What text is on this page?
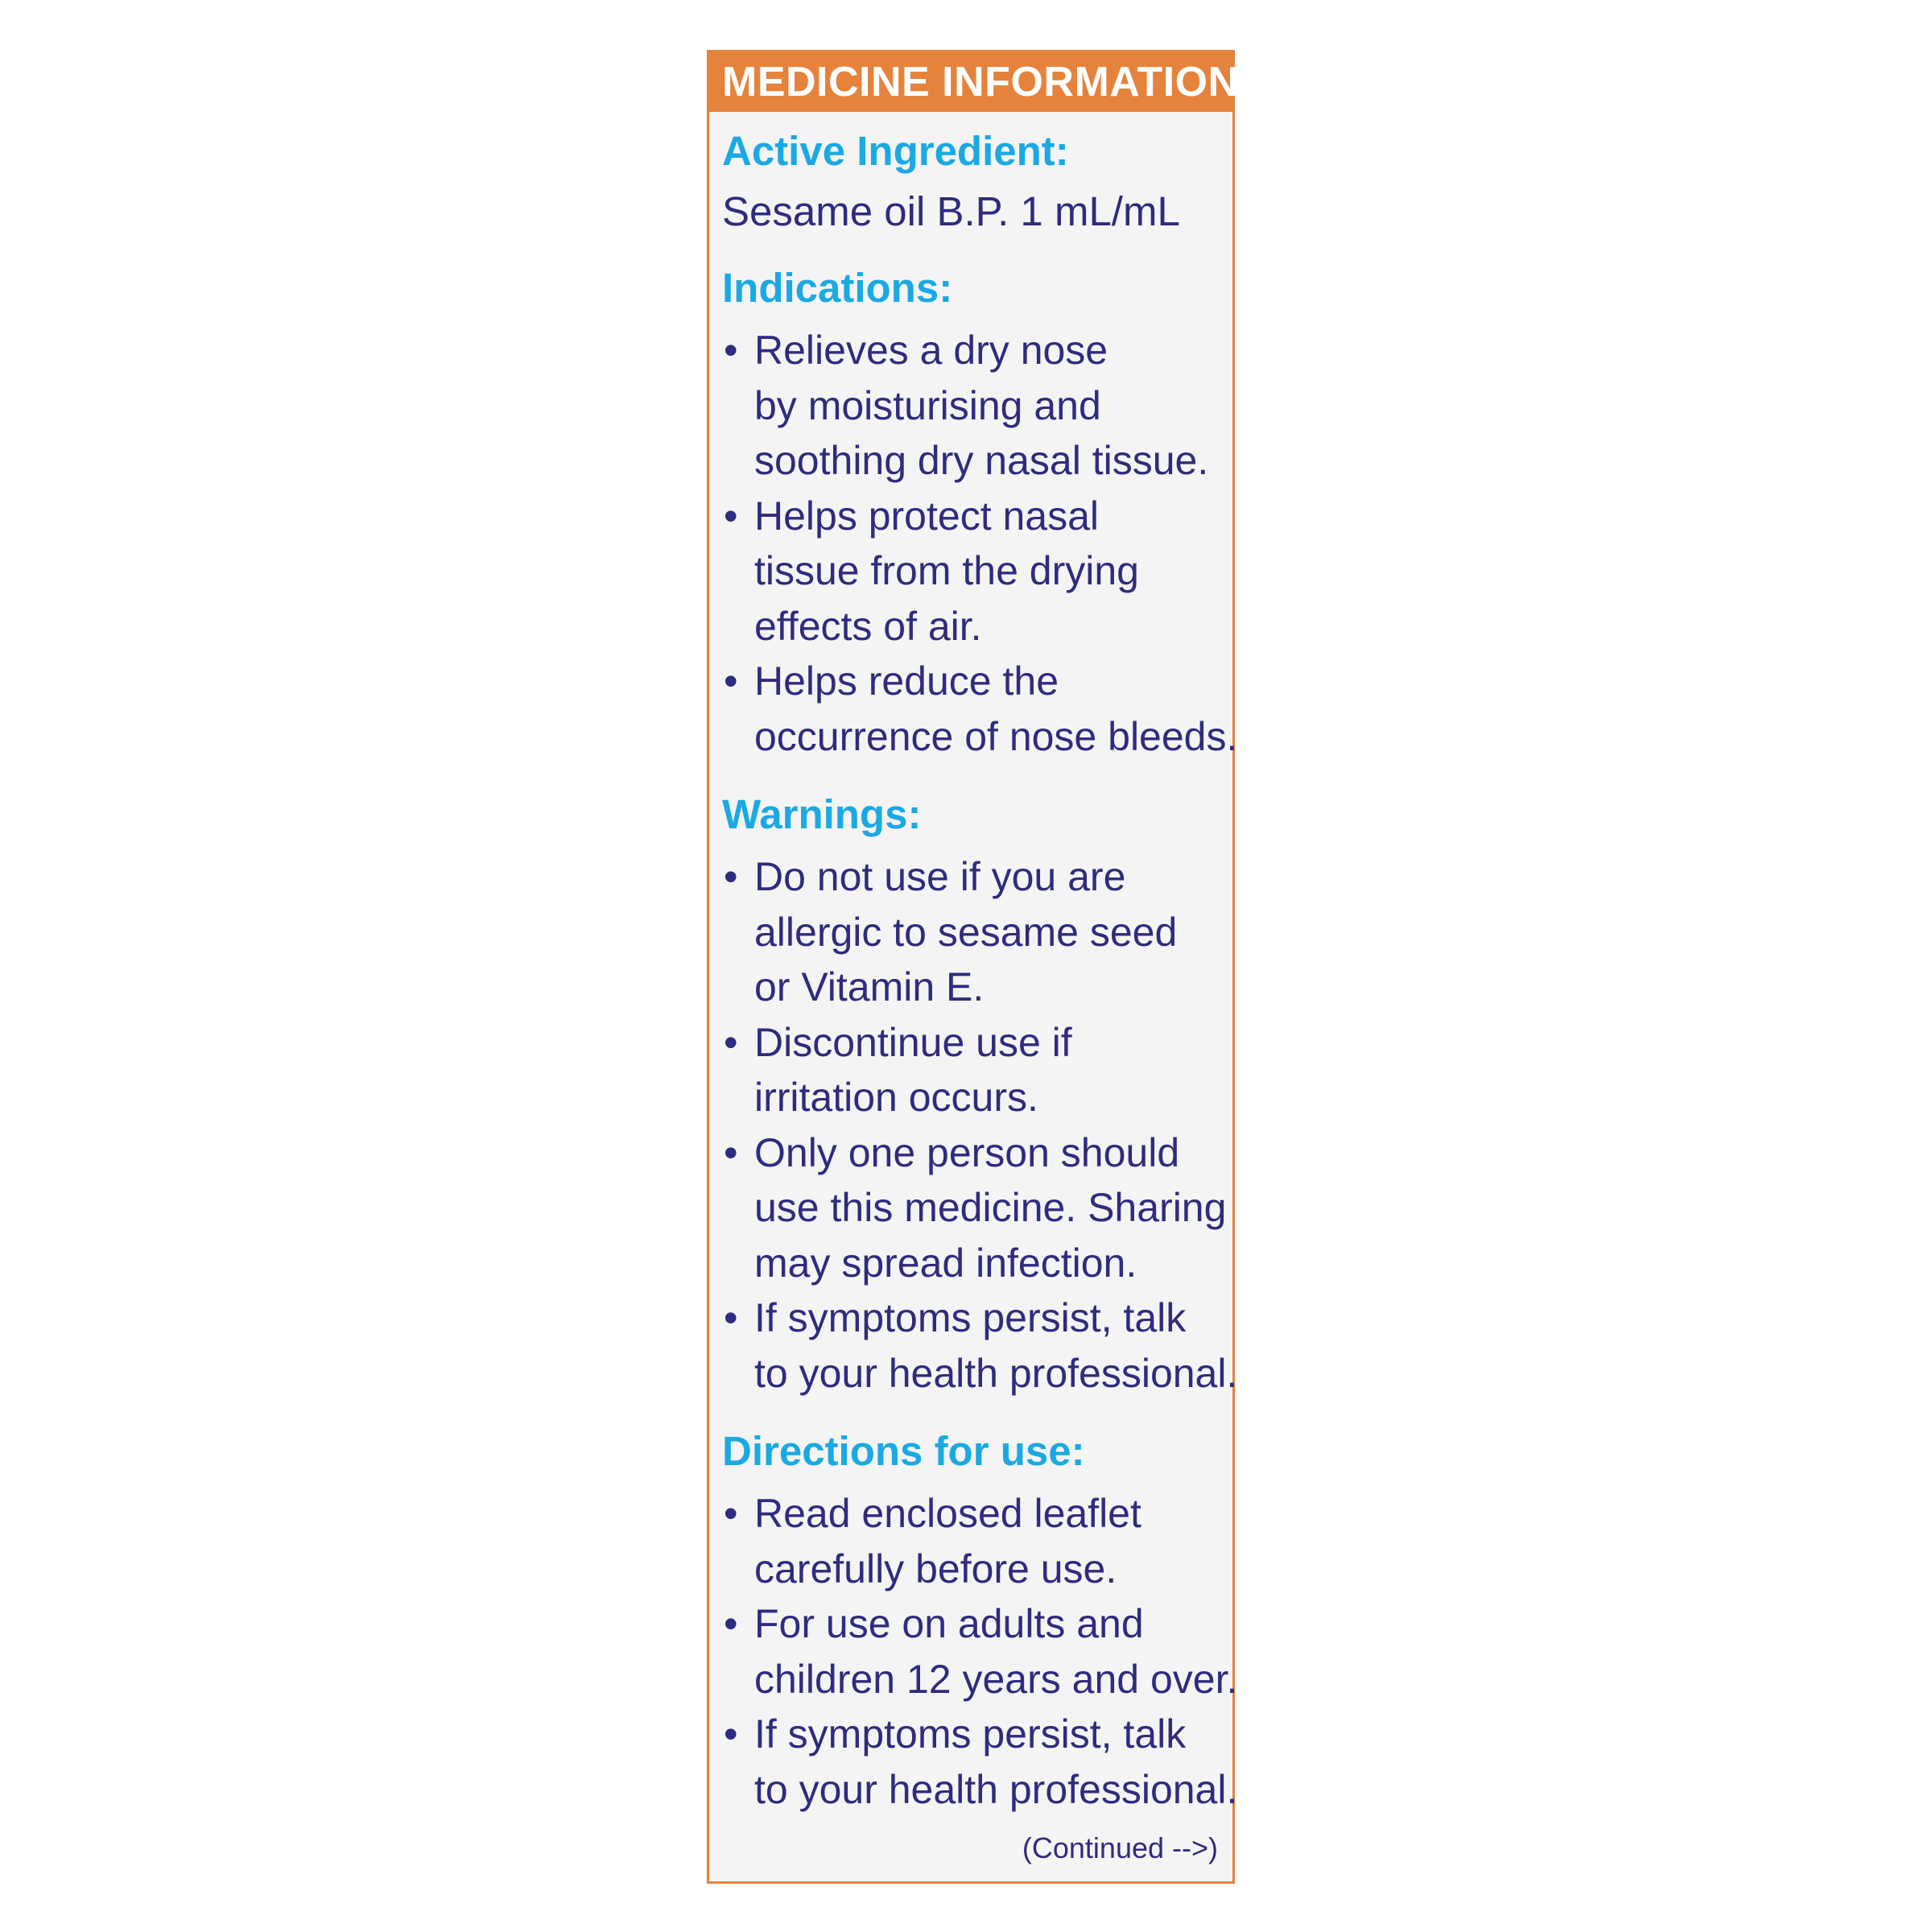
MEDICINE INFORMATION

Active Ingredient:

Sesame oil B.P. 1 mL/mL

Indications:

• Relieves a dry nose
by moisturising and
soothing dry nasal tissue.
• Helps protect nasal
tissue from the drying
effects of air.
• Helps reduce the
occurrence of nose bleeds.

Warnings:

• Do not use if you are
allergic to sesame seed
or Vitamin E.
• Discontinue use if
irritation occurs.
• Only one person should
use this medicine. Sharing
may spread infection.
• If symptoms persist, talk
to your health professional.

Directions for use:

• Read enclosed leaflet
carefully before use.
• For use on adults and
children 12 years and over.
• If symptoms persist, talk
to your health professional.
(Continued -->)
